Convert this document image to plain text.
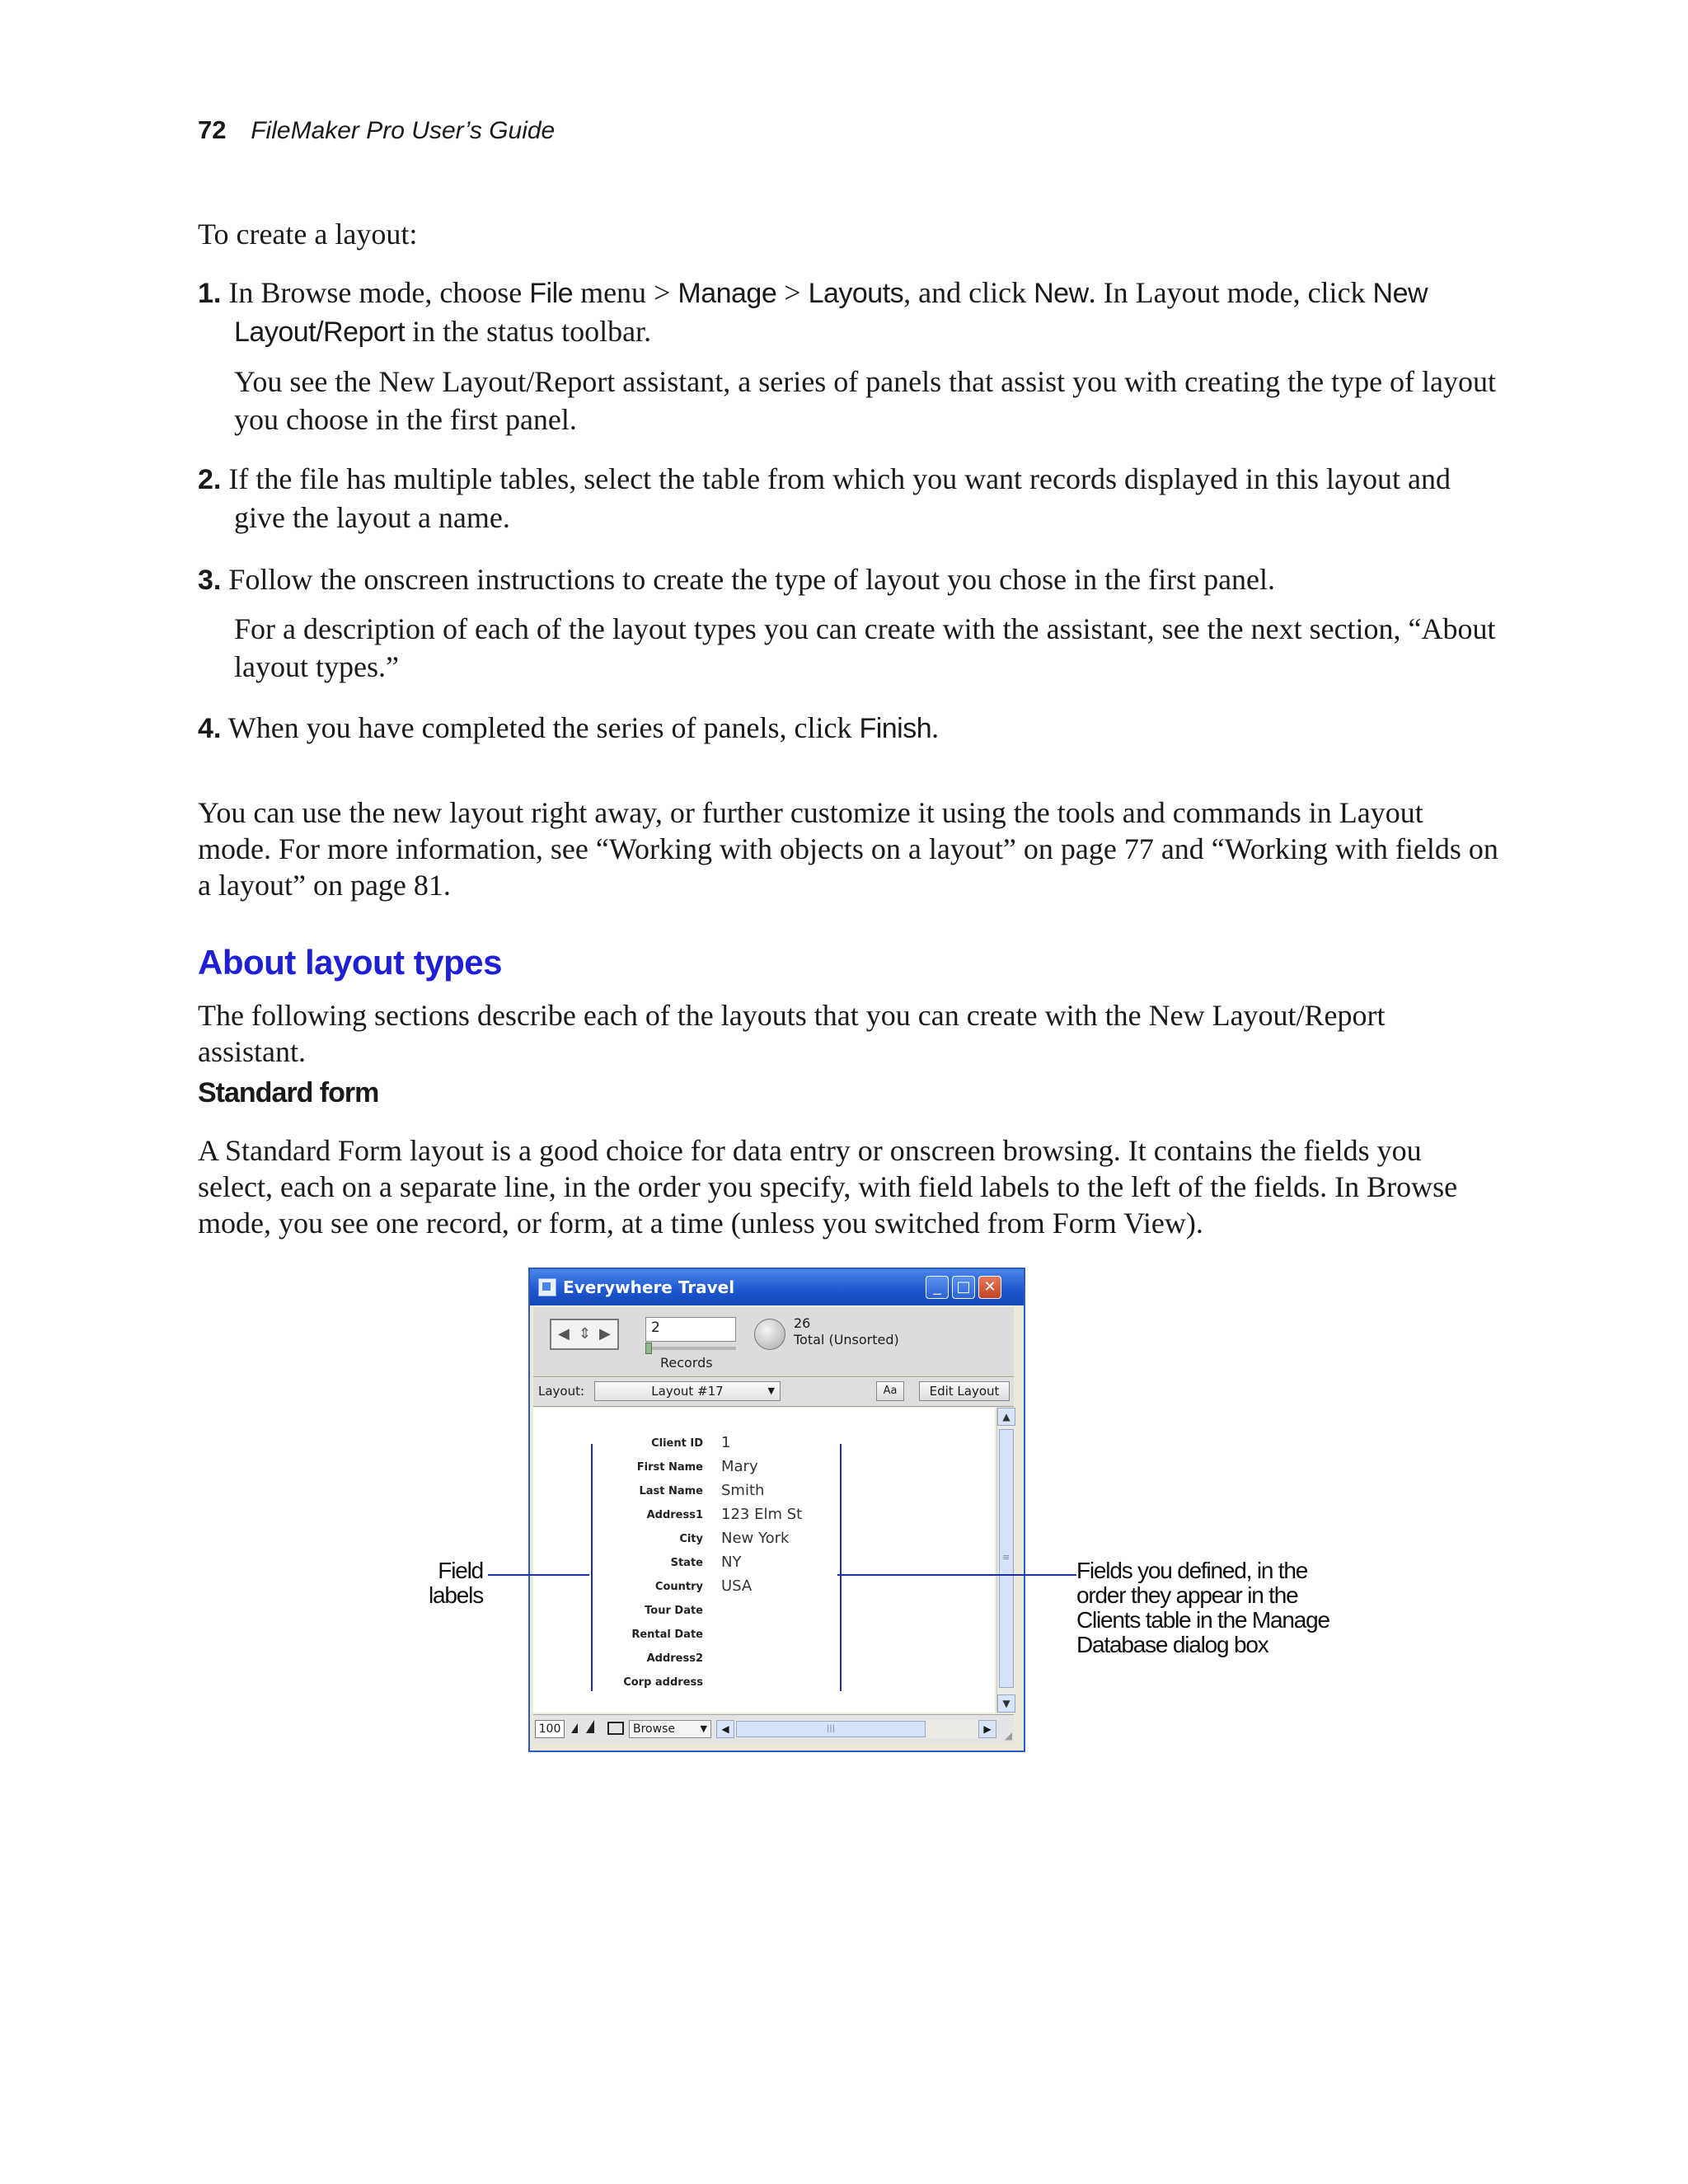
72 FileMaker Pro User’s Guide
To create a layout:
1. In Browse mode, choose File menu > Manage > Layouts, and click New. In Layout mode, click New
Layout/Report in the status toolbar.
You see the New Layout/Report assistant, a series of panels that assist you with creating the type of layout you choose in the first panel.
2. If the file has multiple tables, select the table from which you want records displayed in this layout and
give the layout a name.
3. Follow the onscreen instructions to create the type of layout you chose in the first panel.
For a description of each of the layout types you can create with the assistant, see the next section, “About layout types.”
4. When you have completed the series of panels, click Finish.
You can use the new layout right away, or further customize it using the tools and commands in Layout mode. For more information, see “Working with objects on a layout” on page 77 and “Working with fields on a layout” on page 81.
About layout types
The following sections describe each of the layouts that you can create with the New Layout/Report assistant.
Standard form
A Standard Form layout is a good choice for data entry or onscreen browsing. It contains the fields you select, each on a separate line, in the order you specify, with field labels to the left of the fields. In Browse mode, you see one record, or form, at a time (unless you switched from Form View).
Everywhere Travel	_	□ ✕
◀ ⇕ ▶	2
Records
26
Total (Unsorted)
Layout:	Layout #17	▼	Aa	Edit Layout
Client ID 1
First Name Mary
Last Name Smith
Address1 123 Elm St
City New York
State NY
Country USA
Tour Date
Rental Date
Address2
Corp address
▲
≡
▼
100	Browse	▼	◀	|||	▶
◢
Field
labels
Fields you defined, in the
order they appear in the
Clients table in the Manage
Database dialog box
